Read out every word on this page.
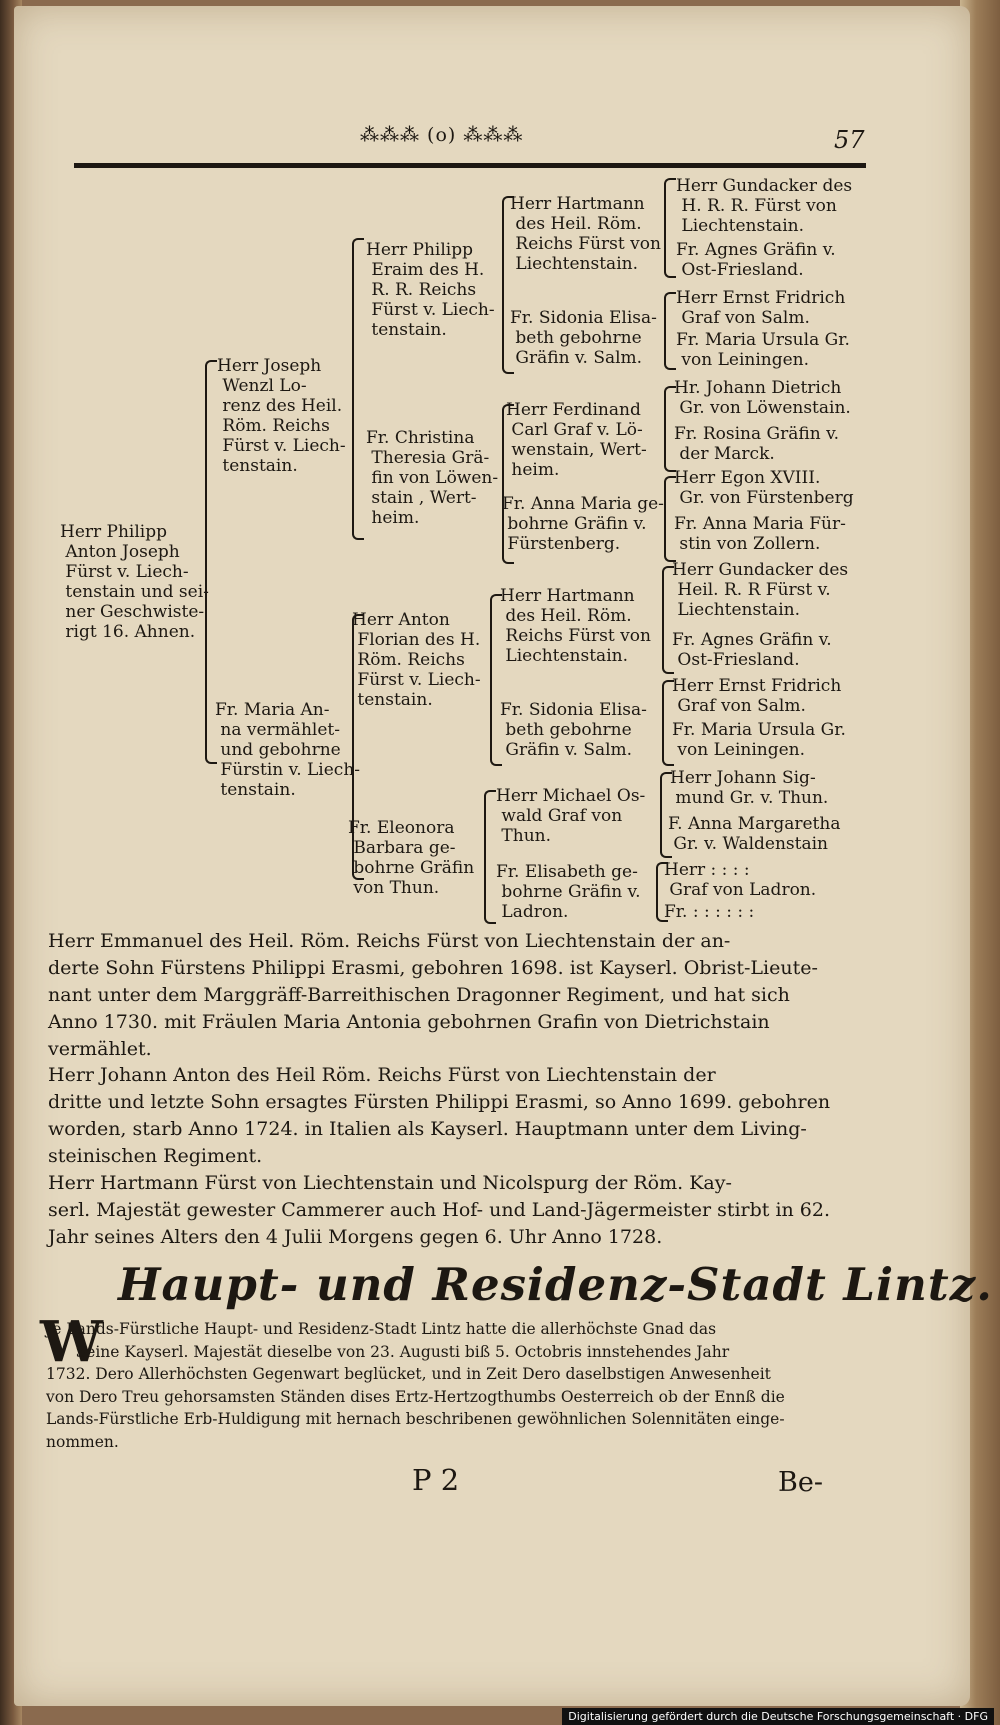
⁂⁂⁂ (o) ⁂⁂⁂	57
Herr Philipp
Anton Joseph
Fürst v. Liech-
tenstain und sei-
ner Geschwiste-
rigt 16. Ahnen.
Herr Joseph
Wenzl Lo-
renz des Heil.
Röm. Reichs
Fürst v. Liech-
tenstain.
Fr. Maria An-
na vermählet-
und gebohrne
Fürstin v. Liech-
tenstain.
Herr Philipp
Eraim des H.
R. R. Reichs
Fürst v. Liech-
tenstain.
Fr. Christina
Theresia Grä-
fin von Löwen-
stain , Wert-
heim.
Herr Anton
Florian des H.
Röm. Reichs
Fürst v. Liech-
tenstain.
Fr. Eleonora
Barbara ge-
bohrne Gräfin
von Thun.
Herr Hartmann
des Heil. Röm.
Reichs Fürst von
Liechtenstain.
Fr. Sidonia Elisa-
beth gebohrne
Gräfin v. Salm.
Herr Ferdinand
Carl Graf v. Lö-
wenstain, Wert-
heim.
Fr. Anna Maria ge-
bohrne Gräfin v.
Fürstenberg.
Herr Hartmann
des Heil. Röm.
Reichs Fürst von
Liechtenstain.
Fr. Sidonia Elisa-
beth gebohrne
Gräfin v. Salm.
Herr Michael Os-
wald Graf von
Thun.
Fr. Elisabeth ge-
bohrne Gräfin v.
Ladron.
Herr Gundacker des
H. R. R. Fürst von
Liechtenstain.
Fr. Agnes Gräfin v.
Ost-Friesland.
Herr Ernst Fridrich
Graf von Salm.
Fr. Maria Ursula Gr.
von Leiningen.
Hr. Johann Dietrich
Gr. von Löwenstain.
Fr. Rosina Gräfin v.
der Marck.
Herr Egon XVIII.
Gr. von Fürstenberg
Fr. Anna Maria Für-
stin von Zollern.
Herr Gundacker des
Heil. R. R Fürst v.
Liechtenstain.
Fr. Agnes Gräfin v.
Ost-Friesland.
Herr Ernst Fridrich
Graf von Salm.
Fr. Maria Ursula Gr.
von Leiningen.
Herr Johann Sig-
mund Gr. v. Thun.
F. Anna Margaretha
Gr. v. Waldenstain
Herr : : : :
Graf von Ladron.
Fr. : : : : : :
Herr Emmanuel des Heil. Röm. Reichs Fürst von Liechtenstain der an-
derte Sohn Fürstens Philippi Erasmi, gebohren 1698. ist Kayserl. Obrist-Lieute-
nant unter dem Marggräff-Barreithischen Dragonner Regiment, und hat sich
Anno 1730. mit Fräulen Maria Antonia gebohrnen Grafin von Dietrichstain
vermählet.
Herr Johann Anton des Heil Röm. Reichs Fürst von Liechtenstain der
dritte und letzte Sohn ersagtes Fürsten Philippi Erasmi, so Anno 1699. gebohren
worden, starb Anno 1724. in Italien als Kayserl. Hauptmann unter dem Living-
steinischen Regiment.
Herr Hartmann Fürst von Liechtenstain und Nicolspurg der Röm. Kay-
serl. Majestät gewester Cammerer auch Hof- und Land-Jägermeister stirbt in 62.
Jahr seines Alters den 4 Julii Morgens gegen 6. Uhr Anno 1728.
Haupt- und Residenz-Stadt Lintz.
W
Je Lands-Fürstliche Haupt- und Residenz-Stadt Lintz hatte die allerhöchste Gnad das
Seine Kayserl. Majestät dieselbe von 23. Augusti biß 5. Octobris innstehendes Jahr
1732. Dero Allerhöchsten Gegenwart beglücket, und in Zeit Dero daselbstigen Anwesenheit
von Dero Treu gehorsamsten Ständen dises Ertz-Hertzogthumbs Oesterreich ob der Ennß die
Lands-Fürstliche Erb-Huldigung mit hernach beschribenen gewöhnlichen Solennitäten einge-
nommen.
P 2	Be-
Digitalisierung gefördert durch die Deutsche Forschungsgemeinschaft · DFG
